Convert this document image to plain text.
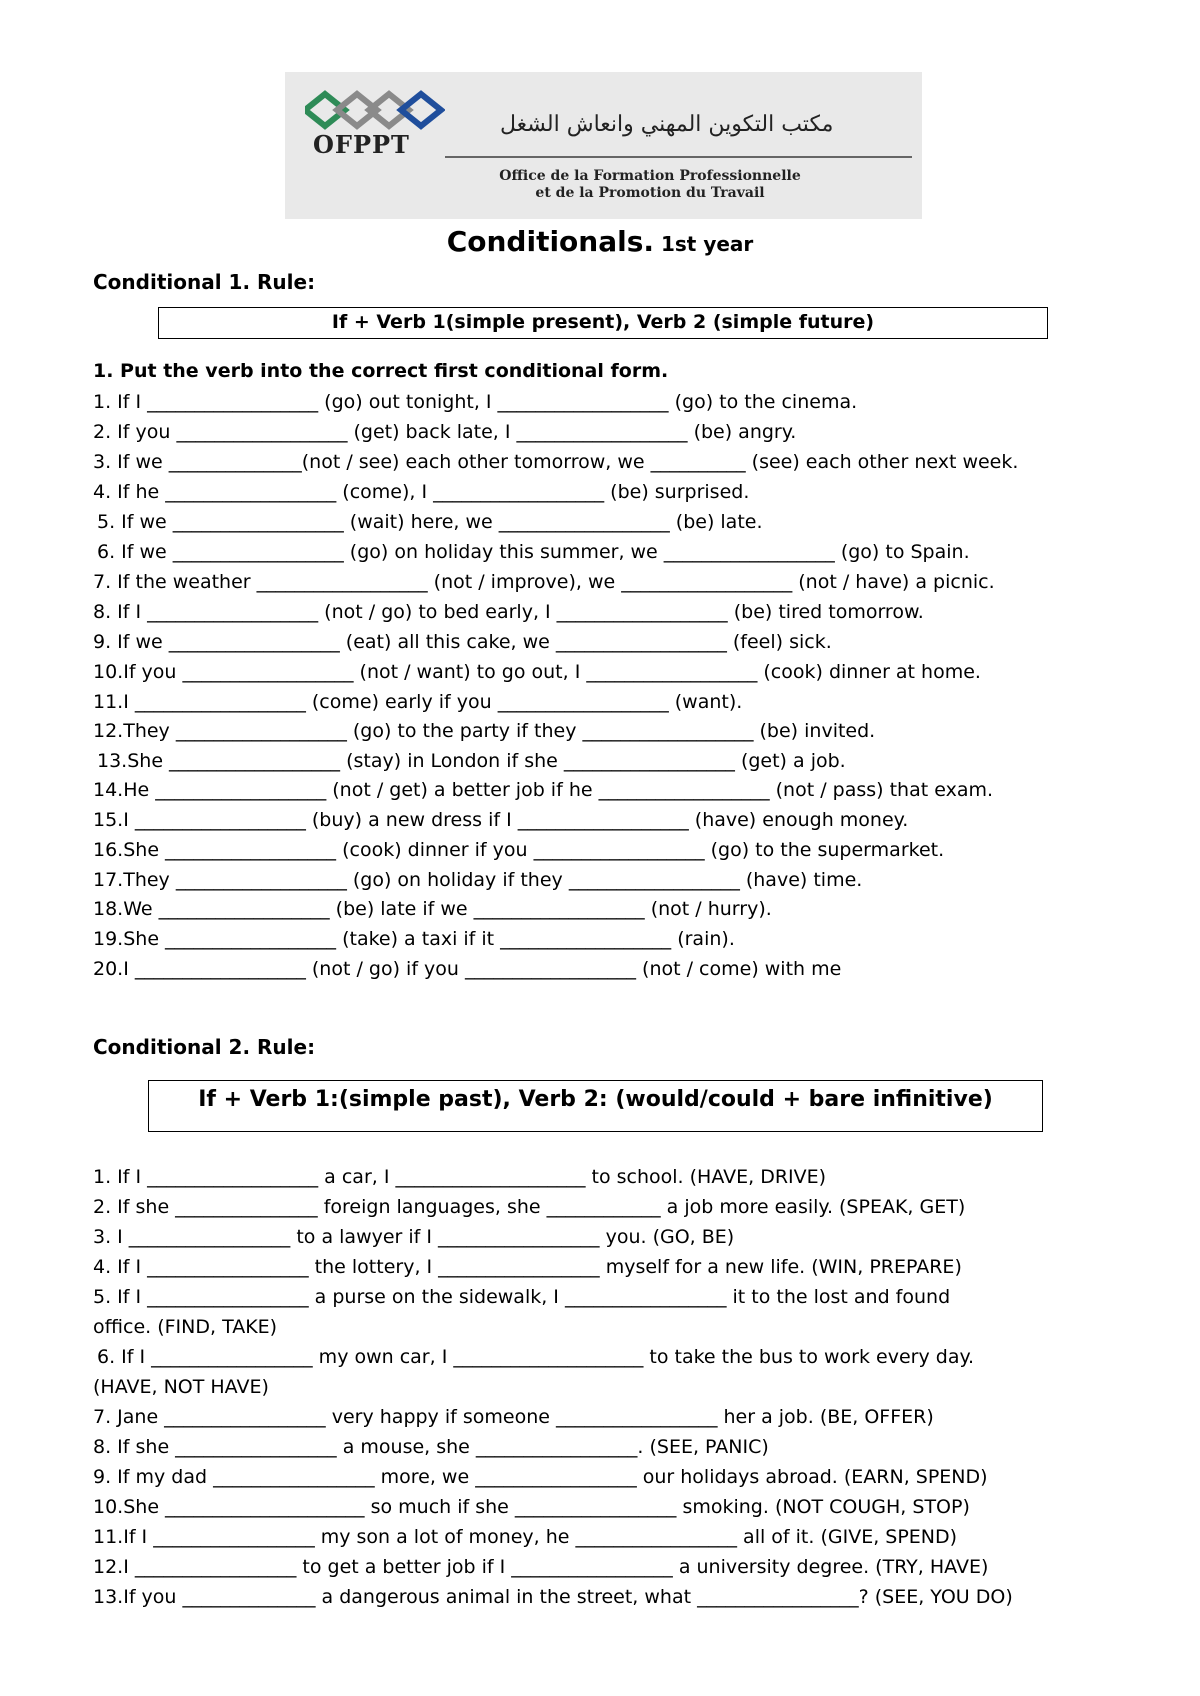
OFPPT
مكتب التكوين المهني وانعاش الشغل
Office de la Formation Professionnelle
et de la Promotion du Travail
Conditionals. 1st year
Conditional 1. Rule:
If + Verb 1(simple present), Verb 2 (simple future)
1. Put the verb into the correct first conditional form.
1. If I __________________ (go) out tonight, I __________________ (go) to the cinema.
2. If you __________________ (get) back late, I __________________ (be) angry.
3. If we ______________(not / see) each other tomorrow, we __________ (see) each other next week.
4. If he __________________ (come), I __________________ (be) surprised.
5. If we __________________ (wait) here, we __________________ (be) late.
6. If we __________________ (go) on holiday this summer, we __________________ (go) to Spain.
7. If the weather __________________ (not / improve), we __________________ (not / have) a picnic.
8. If I __________________ (not / go) to bed early, I __________________ (be) tired tomorrow.
9. If we __________________ (eat) all this cake, we __________________ (feel) sick.
10.If you __________________ (not / want) to go out, I __________________ (cook) dinner at home.
11.I __________________ (come) early if you __________________ (want).
12.They __________________ (go) to the party if they __________________ (be) invited.
13.She __________________ (stay) in London if she __________________ (get) a job.
14.He __________________ (not / get) a better job if he __________________ (not / pass) that exam.
15.I __________________ (buy) a new dress if I __________________ (have) enough money.
16.She __________________ (cook) dinner if you __________________ (go) to the supermarket.
17.They __________________ (go) on holiday if they __________________ (have) time.
18.We __________________ (be) late if we __________________ (not / hurry).
19.She __________________ (take) a taxi if it __________________ (rain).
20.I __________________ (not / go) if you __________________ (not / come) with me
Conditional 2. Rule:
If + Verb 1:(simple past), Verb 2: (would/could + bare infinitive)
1. If I __________________ a car, I ____________________ to school. (HAVE, DRIVE)
2. If she _______________ foreign languages, she ____________ a job more easily. (SPEAK, GET)
3. I _________________ to a lawyer if I _________________ you. (GO, BE)
4. If I _________________ the lottery, I _________________ myself for a new life. (WIN, PREPARE)
5. If I _________________ a purse on the sidewalk, I _________________ it to the lost and found
office. (FIND, TAKE)
6. If I _________________ my own car, I ____________________ to take the bus to work every day.
(HAVE, NOT HAVE)
7. Jane _________________ very happy if someone _________________ her a job. (BE, OFFER)
8. If she _________________ a mouse, she _________________. (SEE, PANIC)
9. If my dad _________________ more, we _________________ our holidays abroad. (EARN, SPEND)
10.She _____________________ so much if she _________________ smoking. (NOT COUGH, STOP)
11.If I _________________ my son a lot of money, he _________________ all of it. (GIVE, SPEND)
12.I _________________ to get a better job if I _________________ a university degree. (TRY, HAVE)
13.If you ______________ a dangerous animal in the street, what _________________? (SEE, YOU DO)
